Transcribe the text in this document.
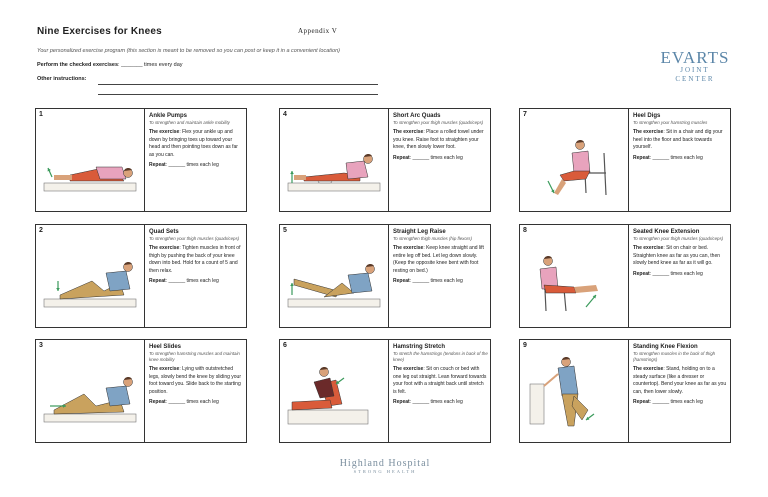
Nine Exercises for Knees	Appendix V
EVARTS
JOINT CENTER
Your personalized exercise program (this section is meant to be removed so you can post or keep it in a convenient location)
Perform the checked exercises: _______ times every day
Other instructions:
1	Ankle Pumps
To strengthen and maintain ankle mobility
The exercise: Flex your ankle up and down by bringing toes up toward your head and then pointing toes down as far as you can.
Repeat: ______ times each leg
4	Short Arc Quads
To strengthen your thigh muscles (quadriceps)
The exercise: Place a rolled towel under you knee. Raise foot to straighten your knee, then slowly lower foot.
Repeat: ______ times each leg
7	Heel Digs
To strengthen your hamstring muscles
The exercise: Sit in a chair and dig your heel into the floor and back towards yourself.
Repeat: ______ times each leg
2	Quad Sets
To strengthen your thigh muscles (quadriceps)
The exercise: Tighten muscles in front of thigh by pushing the back of your knee down into bed. Hold for a count of 5 and then relax.
Repeat: ______ times each leg
5	Straight Leg Raise
To strengthen thigh muscles (hip flexors)
The exercise: Keep knee straight and lift entire leg off bed. Let leg down slowly. (Keep the opposite knee bent with foot resting on bed.)
Repeat: ______ times each leg
8	Seated Knee Extension
To strengthen your thigh muscles (quadriceps)
The exercise: Sit on chair or bed. Straighten knee as far as you can, then slowly bend knee as far as it will go.
Repeat: ______ times each leg
3	Heel Slides
To strengthen hamstring muscles and maintain knee mobility
The exercise: Lying with outstretched legs, slowly bend the knee by sliding your foot toward you. Slide back to the starting position.
Repeat: ______ times each leg
6	Hamstring Stretch
To stretch the hamstrings (tendons in back of the knee)
The exercise: Sit on couch or bed with one leg out straight. Lean forward towards your foot with a straight back until stretch is felt.
Repeat: ______ times each leg
9	Standing Knee Flexion
To strengthen muscles in the back of thigh (hamstrings)
The exercise: Stand, holding on to a steady surface (like a dresser or countertop). Bend your knee as far as you can, then lower slowly.
Repeat: ______ times each leg
Highland Hospital
STRONG HEALTH
